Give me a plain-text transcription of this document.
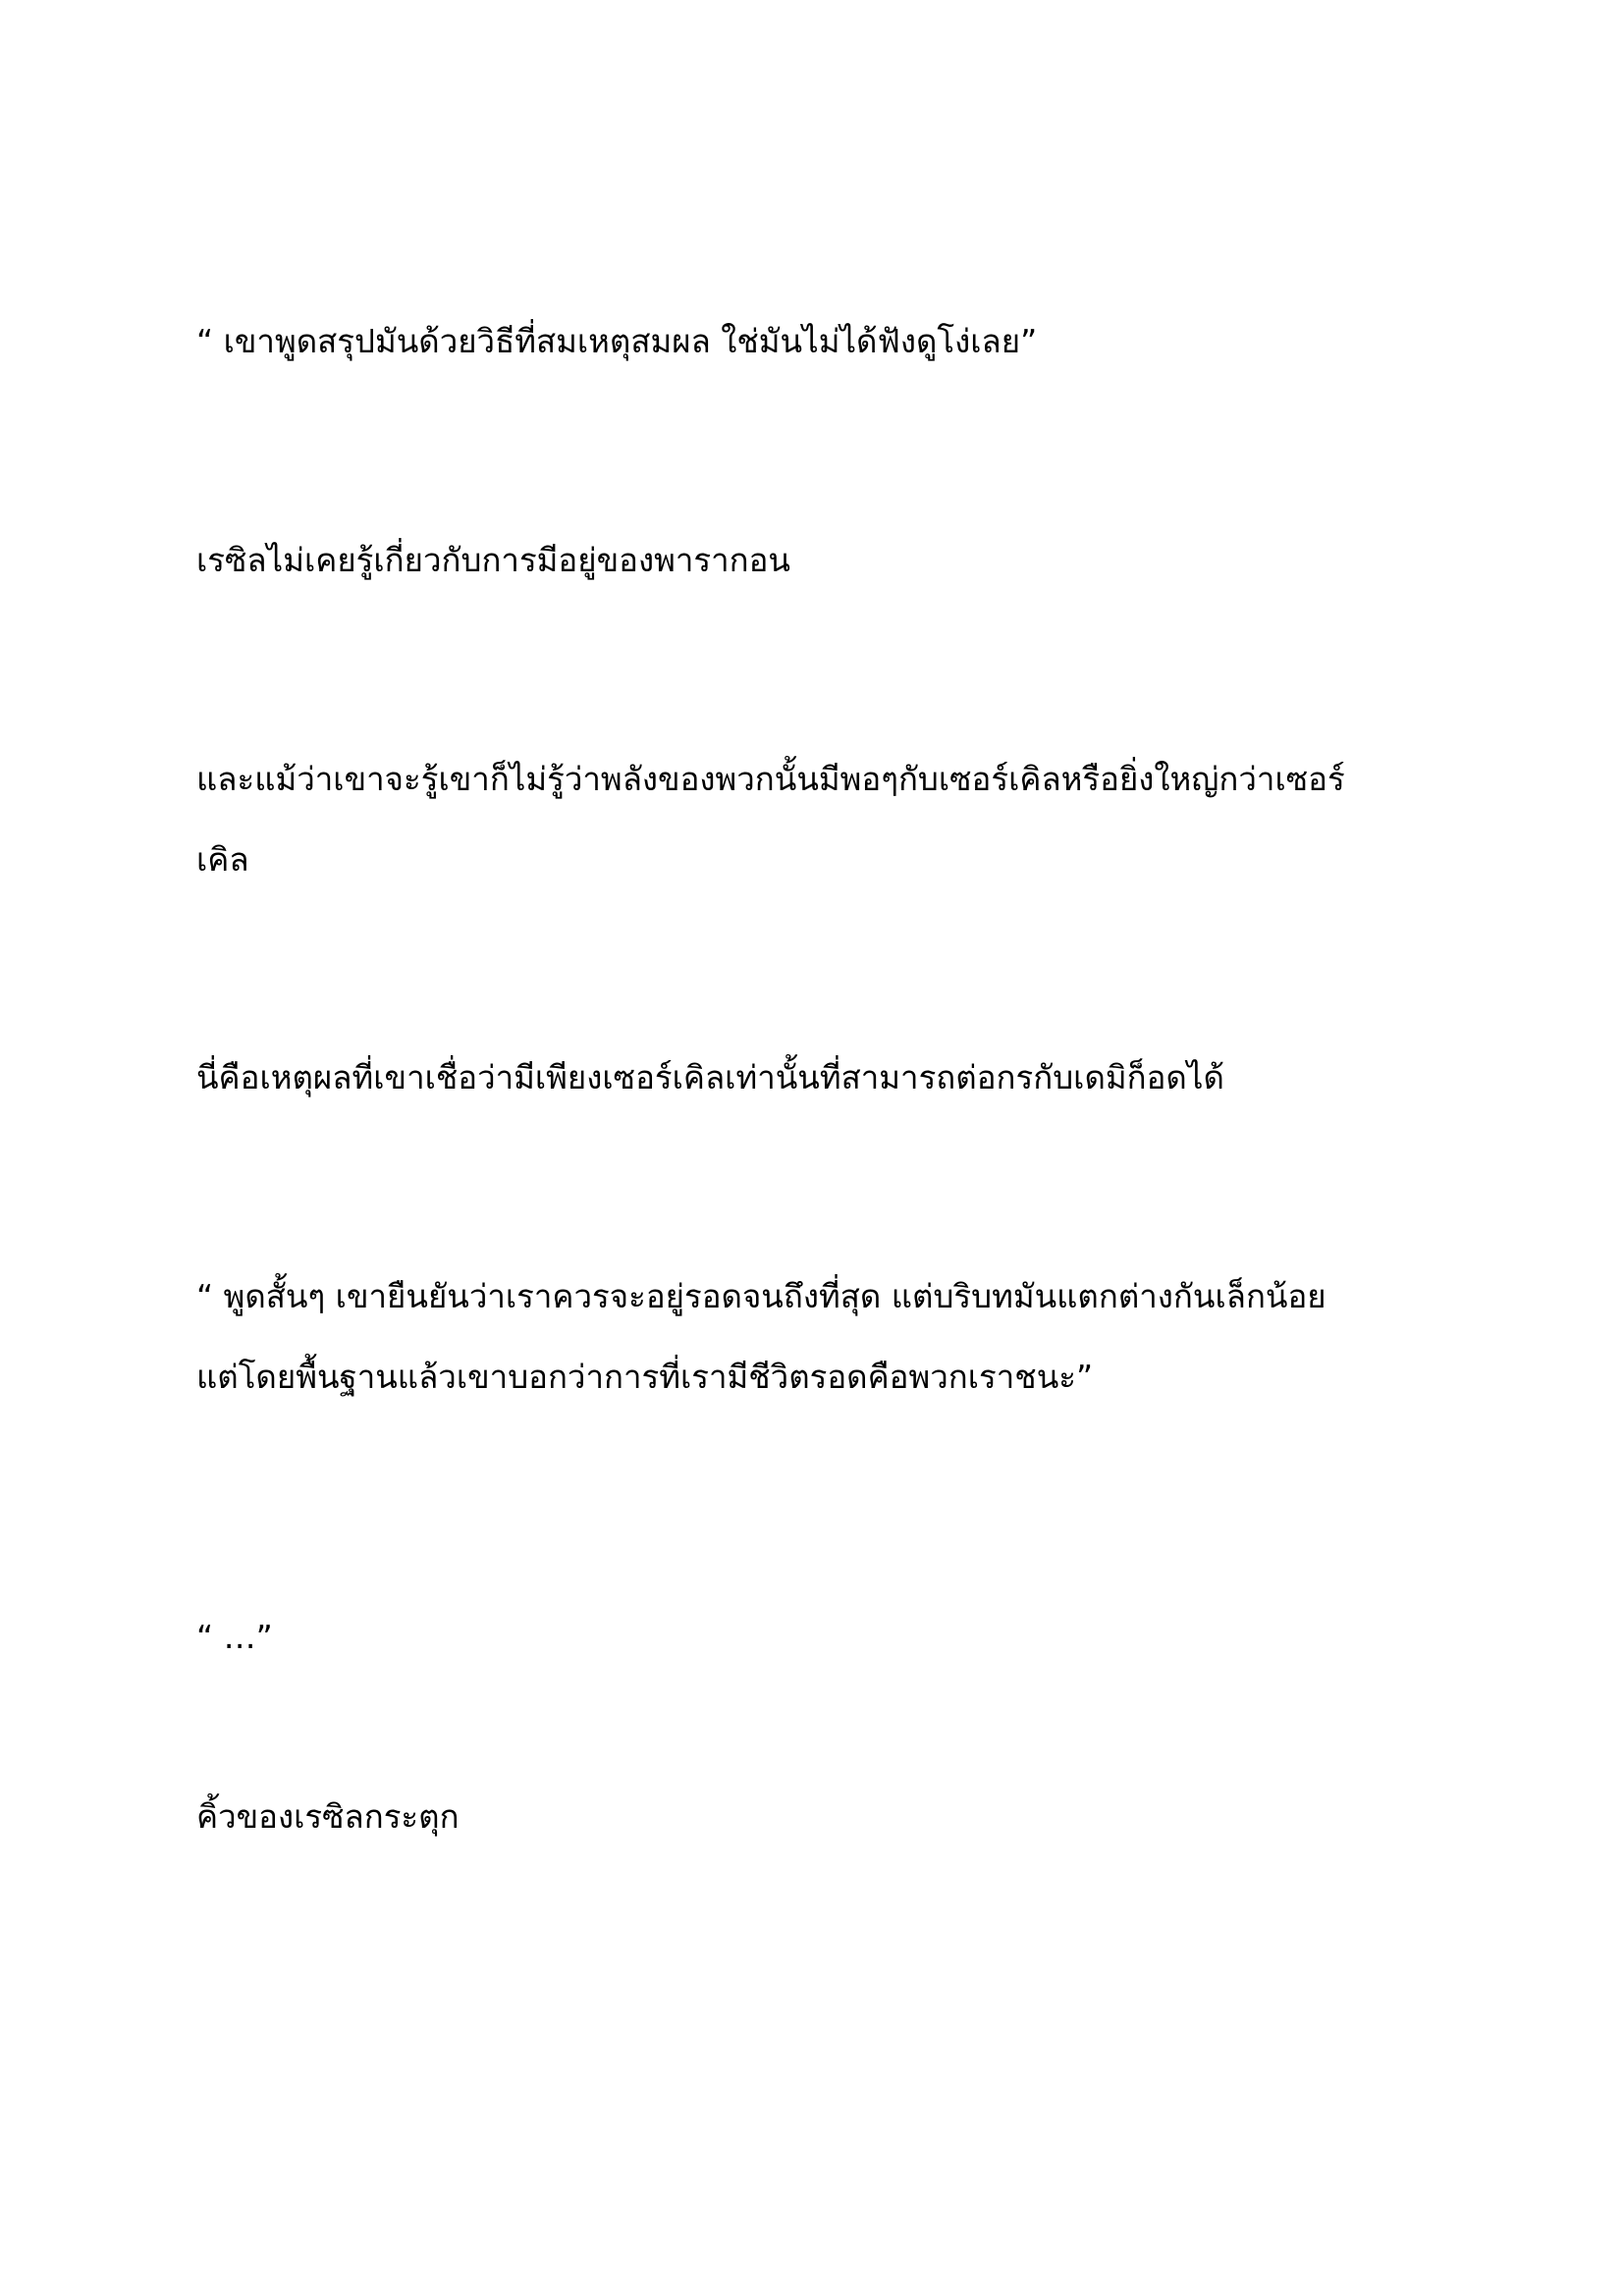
“ เขาพูดสรุปมันด้วยวิธีที่สมเหตุสมผล ใช่มันไม่ได้ฟังดูโง่เลย”

เรซิลไม่เคยรู้เกี่ยวกับการมีอยู่ของพารากอน

และแม้ว่าเขาจะรู้เขาก็ไม่รู้ว่าพลังของพวกนั้นมีพอๆกับเซอร์เคิลหรือยิ่งใหญ่กว่าเซอร์
เคิล

นี่คือเหตุผลที่เขาเชื่อว่ามีเพียงเซอร์เคิลเท่านั้นที่สามารถต่อกรกับเดมิก็อดได้

“ พูดสั้นๆ เขายืนยันว่าเราควรจะอยู่รอดจนถึงที่สุด แต่บริบทมันแตกต่างกันเล็กน้อย
แต่โดยพื้นฐานแล้วเขาบอกว่าการที่เรามีชีวิตรอดคือพวกเราชนะ”

“ …”

คิ้วของเรซิลกระตุก
